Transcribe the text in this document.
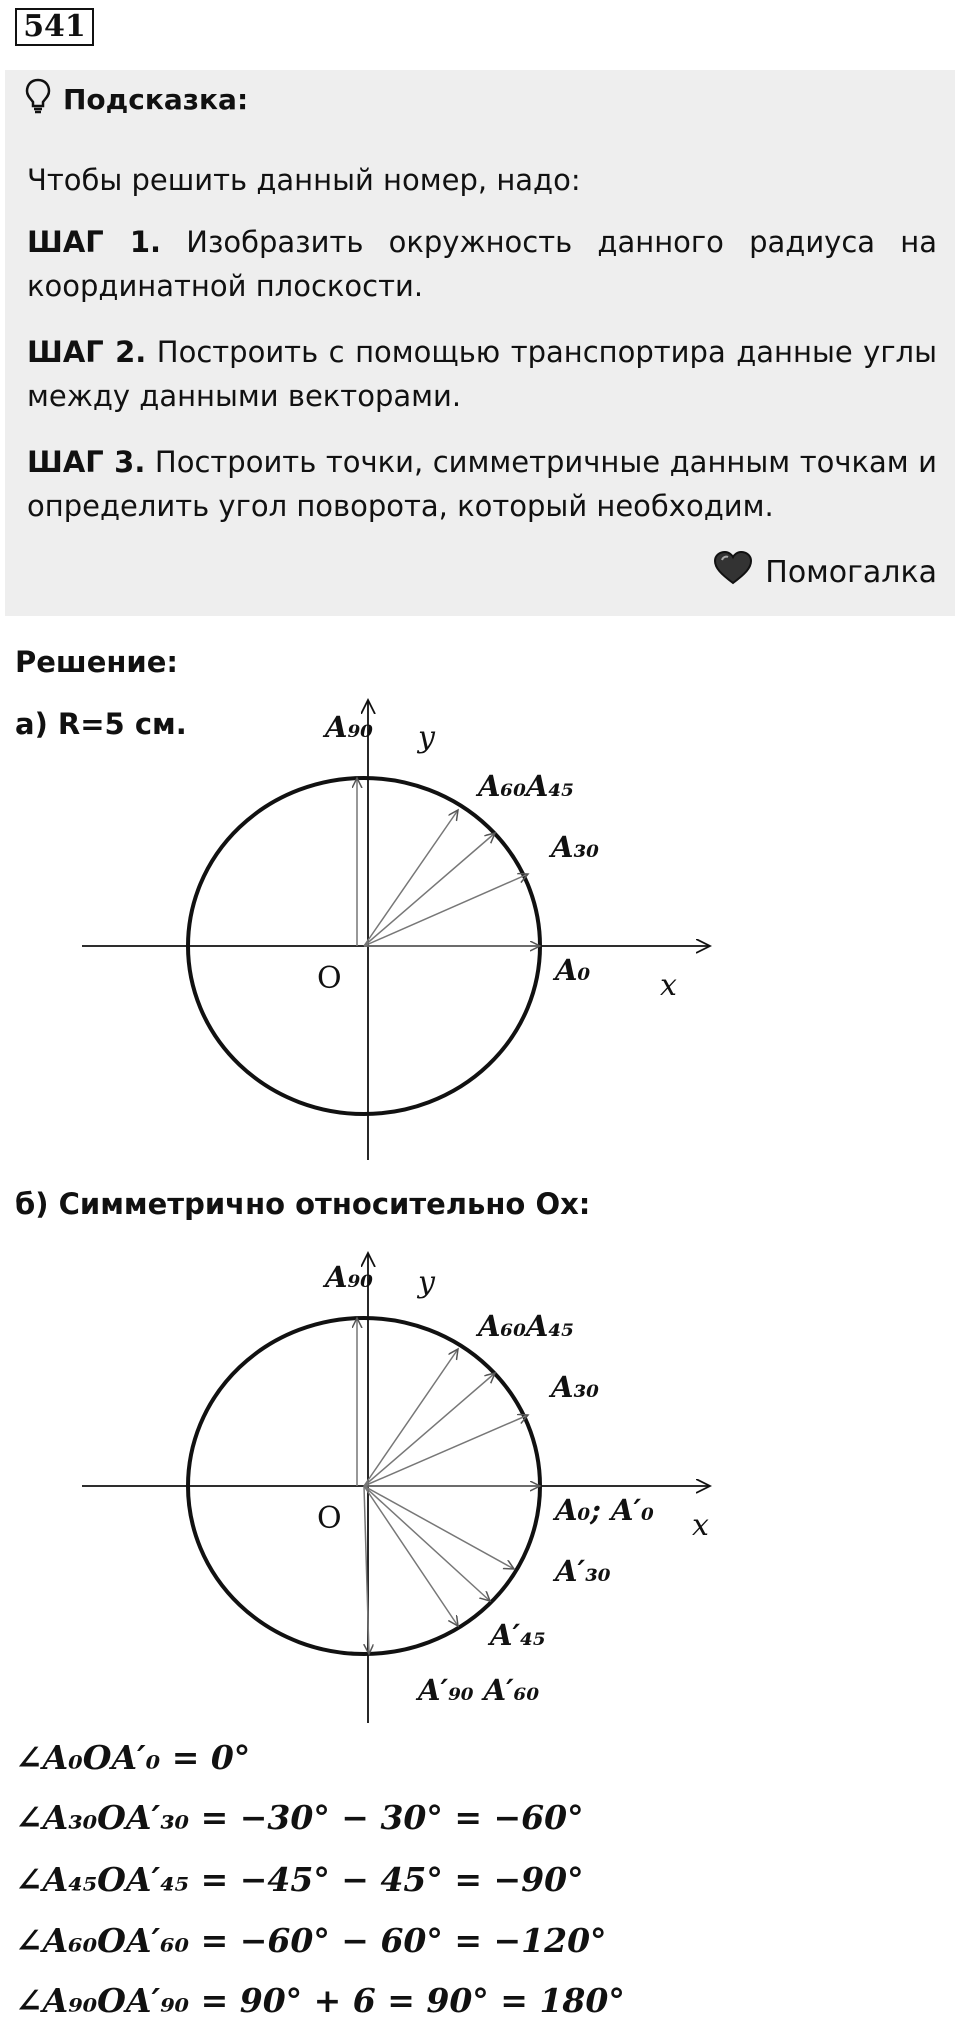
541
Подсказка:
Чтобы решить данный номер, надо:
ШАГ 1. Изобразить окружность данного радиуса на координатной плоскости.
ШАГ 2. Построить с помощью транспортира данные углы между данными векторами.
ШАГ 3. Построить точки, симметричные данным точкам и определить угол поворота, который необходим.
Помогалка
Решение:
а) R=5 см.	A₉₀ y
A₆₀A₄₅
A₃₀
O	A₀ x
б) Симметрично относительно Ox:
A₉₀ y
A₆₀A₄₅
A₃₀
O	A₀; A′₀ x
A′₃₀
A′₄₅
A′₉₀ A′₆₀
∠A₀OA′₀ = 0°
∠A₃₀OA′₃₀ = −30° − 30° = −60°
∠A₄₅OA′₄₅ = −45° − 45° = −90°
∠A₆₀OA′₆₀ = −60° − 60° = −120°
∠A₉₀OA′₉₀ = 90° + 6 = 90° = 180°
